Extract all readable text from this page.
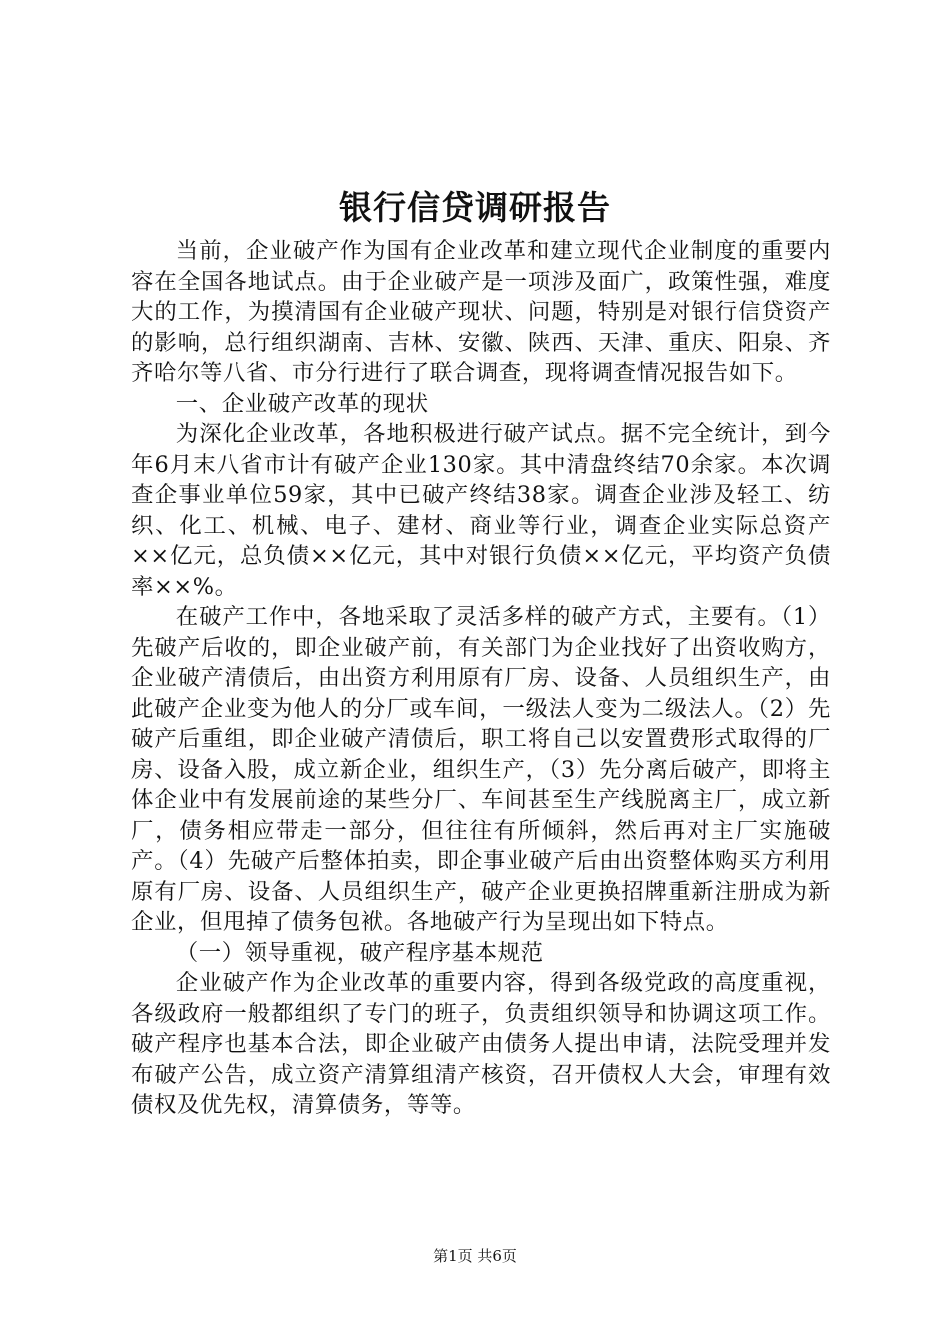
银行信贷调研报告

当前，企业破产作为国有企业改革和建立现代企业制度的重要内容在全国各地试点。由于企业破产是一项涉及面广，政策性强，难度大的工作，为摸清国有企业破产现状、问题，特别是对银行信贷资产的影响，总行组织湖南、吉林、安徽、陕西、天津、重庆、阳泉、齐齐哈尔等八省、市分行进行了联合调查，现将调查情况报告如下。

一、企业破产改革的现状

为深化企业改革，各地积极进行破产试点。据不完全统计，到今年6月末八省市计有破产企业130家。其中清盘终结70余家。本次调查企事业单位59家，其中已破产终结38家。调查企业涉及轻工、纺织、化工、机械、电子、建材、商业等行业，调查企业实际总资产××亿元，总负债××亿元，其中对银行负债××亿元，平均资产负债率××%。

在破产工作中，各地采取了灵活多样的破产方式，主要有。（1）先破产后收的，即企业破产前，有关部门为企业找好了出资收购方，企业破产清债后，由出资方利用原有厂房、设备、人员组织生产，由此破产企业变为他人的分厂或车间，一级法人变为二级法人。（2）先破产后重组，即企业破产清债后，职工将自己以安置费形式取得的厂房、设备入股，成立新企业，组织生产，（3）先分离后破产，即将主体企业中有发展前途的某些分厂、车间甚至生产线脱离主厂，成立新厂，债务相应带走一部分，但往往有所倾斜，然后再对主厂实施破产。（4）先破产后整体拍卖，即企事业破产后由出资整体购买方利用原有厂房、设备、人员组织生产，破产企业更换招牌重新注册成为新企业，但甩掉了债务包袱。各地破产行为呈现出如下特点。

（一）领导重视，破产程序基本规范

企业破产作为企业改革的重要内容，得到各级党政的高度重视，各级政府一般都组织了专门的班子，负责组织领导和协调这项工作。破产程序也基本合法，即企业破产由债务人提出申请，法院受理并发布破产公告，成立资产清算组清产核资，召开债权人大会，审理有效债权及优先权，清算债务，等等。

第1页 共6页
